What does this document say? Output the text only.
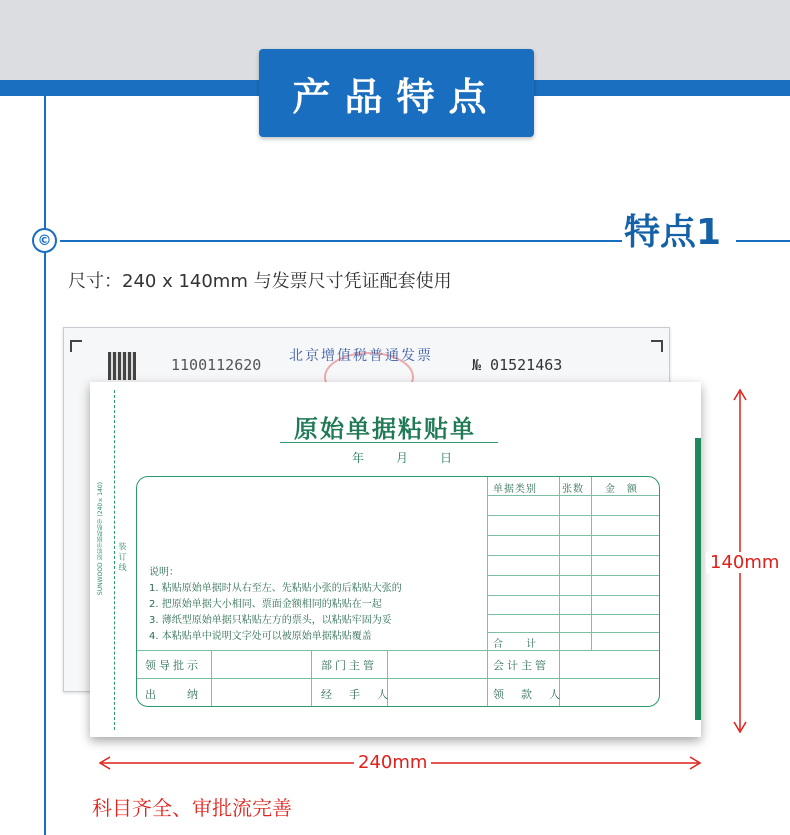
产品特点
©	特点1
尺寸：240 x 140mm 与发票尺寸凭证配套使用
1100112620 北京增值税普通发票	№ 01521463
SUNWOOD 原始单据粘贴单 (240×140) 装 订 线
原始单据粘贴单
年	月	日
说明：
1. 粘贴原始单据时从右至左、先粘贴小张的后粘贴大张的
2. 把原始单据大小相同、票面金额相同的粘贴在一起
3. 薄纸型原始单据只粘贴左方的票头，以粘贴牢固为妥
4. 本粘贴单中说明文字处可以被原始单据粘贴覆盖
单据类别	张数 金　额
合　　计
领导批示	部门主管	会计主管
出　　纳	经　手　人	领　款　人
140mm
240mm
科目齐全、审批流完善
